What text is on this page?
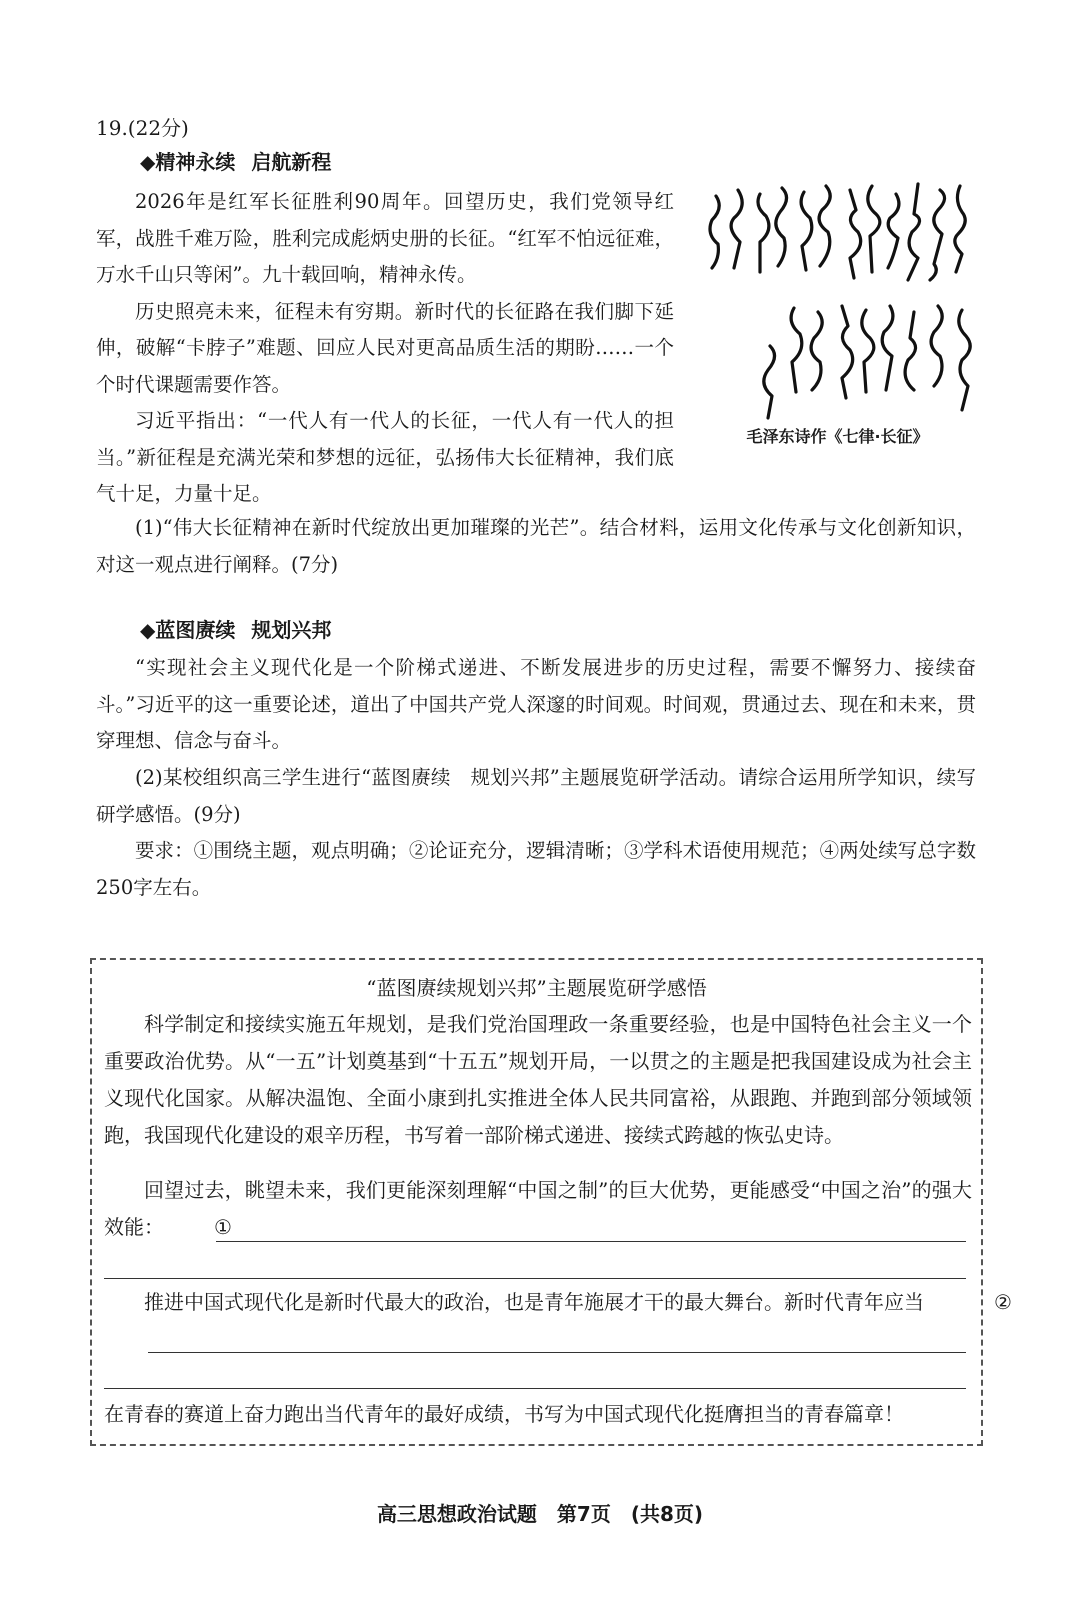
19.(22分)
◆精神永续 启航新程

2026年是红军长征胜利90周年。回望历史，我们党领导红军，战胜千难万险，胜利完成彪炳史册的长征。“红军不怕远征难，万水千山只等闲”。九十载回响，精神永传。

历史照亮未来，征程未有穷期。新时代的长征路在我们脚下延伸，破解“卡脖子”难题、回应人民对更高品质生活的期盼……一个个时代课题需要作答。

习近平指出：“一代人有一代人的长征，一代人有一代人的担当。”新征程是充满光荣和梦想的远征，弘扬伟大长征精神，我们底气十足，力量十足。

毛泽东诗作《七律·长征》

(1)“伟大长征精神在新时代绽放出更加璀璨的光芒”。结合材料，运用文化传承与文化创新知识，对这一观点进行阐释。(7分)

◆蓝图赓续 规划兴邦

“实现社会主义现代化是一个阶梯式递进、不断发展进步的历史过程，需要不懈努力、接续奋斗。”习近平的这一重要论述，道出了中国共产党人深邃的时间观。时间观，贯通过去、现在和未来，贯穿理想、信念与奋斗。

(2)某校组织高三学生进行“蓝图赓续　规划兴邦”主题展览研学活动。请综合运用所学知识，续写研学感悟。(9分)

要求：①围绕主题，观点明确；②论证充分，逻辑清晰；③学科术语使用规范；④两处续写总字数250字左右。

“蓝图赓续规划兴邦”主题展览研学感悟

科学制定和接续实施五年规划，是我们党治国理政一条重要经验，也是中国特色社会主义一个重要政治优势。从“一五”计划奠基到“十五五”规划开局，一以贯之的主题是把我国建设成为社会主义现代化国家。从解决温饱、全面小康到扎实推进全体人民共同富裕，从跟跑、并跑到部分领域领跑，我国现代化建设的艰辛历程，书写着一部阶梯式递进、接续式跨越的恢弘史诗。

回望过去，眺望未来，我们更能深刻理解“中国之制”的巨大优势，更能感受“中国之治”的强大效能：	①

推进中国式现代化是新时代最大的政治，也是青年施展才干的最大舞台。新时代青年应当	②

在青春的赛道上奋力跑出当代青年的最好成绩，书写为中国式现代化挺膺担当的青春篇章！

高三思想政治试题　第7页　(共8页)
